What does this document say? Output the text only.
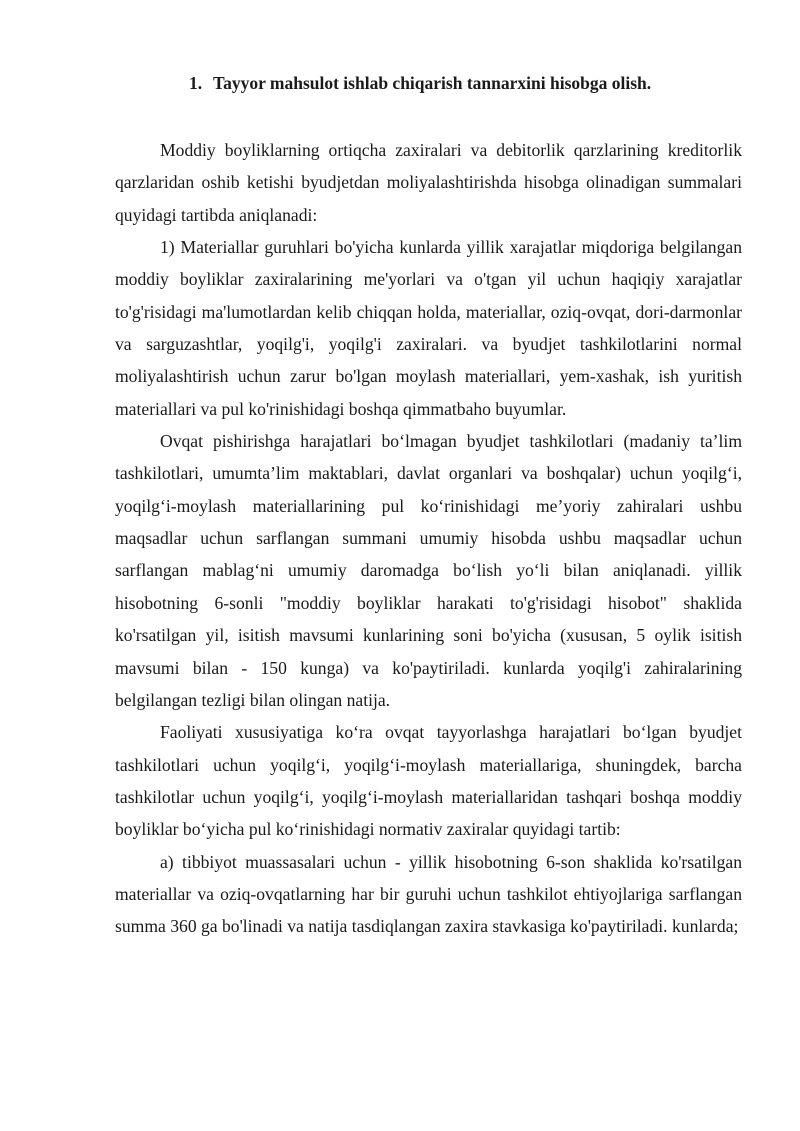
1. Tayyor mahsulot ishlab chiqarish tannarxini hisobga olish.

Moddiy boyliklarning ortiqcha zaxiralari va debitorlik qarzlarining kreditorlik qarzlaridan oshib ketishi byudjetdan moliyalashtirishda hisobga olinadigan summalari quyidagi tartibda aniqlanadi:

1) Materiallar guruhlari bo'yicha kunlarda yillik xarajatlar miqdoriga belgilangan moddiy boyliklar zaxiralarining me'yorlari va o'tgan yil uchun haqiqiy xarajatlar to'g'risidagi ma'lumotlardan kelib chiqqan holda, materiallar, oziq-ovqat, dori-darmonlar va sarguzashtlar, yoqilg'i, yoqilg'i zaxiralari. va byudjet tashkilotlarini normal moliyalashtirish uchun zarur bo'lgan moylash materiallari, yem-xashak, ish yuritish materiallari va pul ko'rinishidagi boshqa qimmatbaho buyumlar.

Ovqat pishirishga harajatlari bo‘lmagan byudjet tashkilotlari (madaniy ta’lim tashkilotlari, umumta’lim maktablari, davlat organlari va boshqalar) uchun yoqilg‘i, yoqilg‘i-moylash materiallarining pul ko‘rinishidagi me’yoriy zahiralari ushbu maqsadlar uchun sarflangan summani umumiy hisobda ushbu maqsadlar uchun sarflangan mablag‘ni umumiy daromadga bo‘lish yo‘li bilan aniqlanadi. yillik hisobotning 6-sonli "moddiy boyliklar harakati to'g'risidagi hisobot" shaklida ko'rsatilgan yil, isitish mavsumi kunlarining soni bo'yicha (xususan, 5 oylik isitish mavsumi bilan - 150 kunga) va ko'paytiriladi. kunlarda yoqilg'i zahiralarining belgilangan tezligi bilan olingan natija.

Faoliyati xususiyatiga ko‘ra ovqat tayyorlashga harajatlari bo‘lgan byudjet tashkilotlari uchun yoqilg‘i, yoqilg‘i-moylash materiallariga, shuningdek, barcha tashkilotlar uchun yoqilg‘i, yoqilg‘i-moylash materiallaridan tashqari boshqa moddiy boyliklar bo‘yicha pul ko‘rinishidagi normativ zaxiralar quyidagi tartib:

a) tibbiyot muassasalari uchun - yillik hisobotning 6-son shaklida ko'rsatilgan materiallar va oziq-ovqatlarning har bir guruhi uchun tashkilot ehtiyojlariga sarflangan summa 360 ga bo'linadi va natija tasdiqlangan zaxira stavkasiga ko'paytiriladi. kunlarda;
